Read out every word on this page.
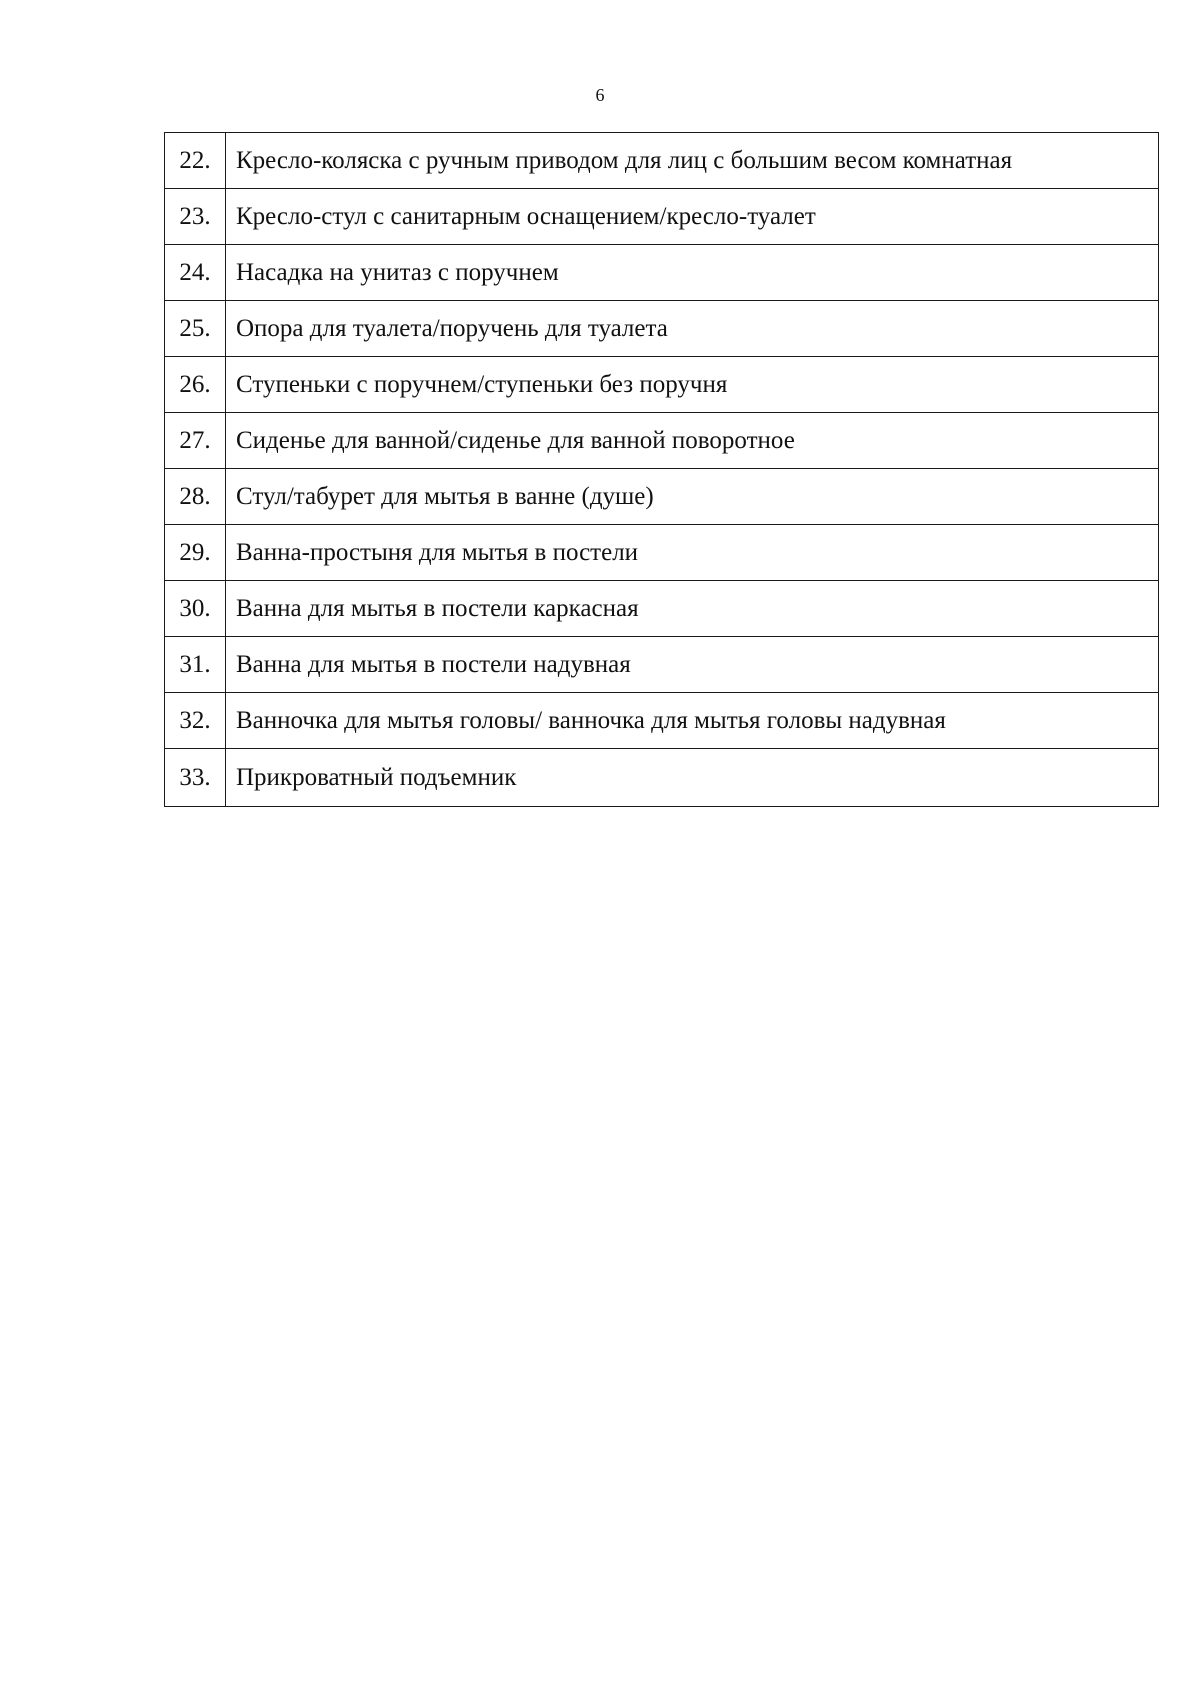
6
22.	Кресло-коляска с ручным приводом для лиц с большим весом комнатная
23.	Кресло-стул с санитарным оснащением/кресло-туалет
24.	Насадка на унитаз с поручнем
25.	Опора для туалета/поручень для туалета
26.	Ступеньки с поручнем/ступеньки без поручня
27.	Сиденье для ванной/сиденье для ванной поворотное
28.	Стул/табурет для мытья в ванне (душе)
29.	Ванна-простыня для мытья в постели
30.	Ванна для мытья в постели каркасная
31.	Ванна для мытья в постели надувная
32.	Ванночка для мытья головы/ ванночка для мытья головы надувная
33.	Прикроватный подъемник
